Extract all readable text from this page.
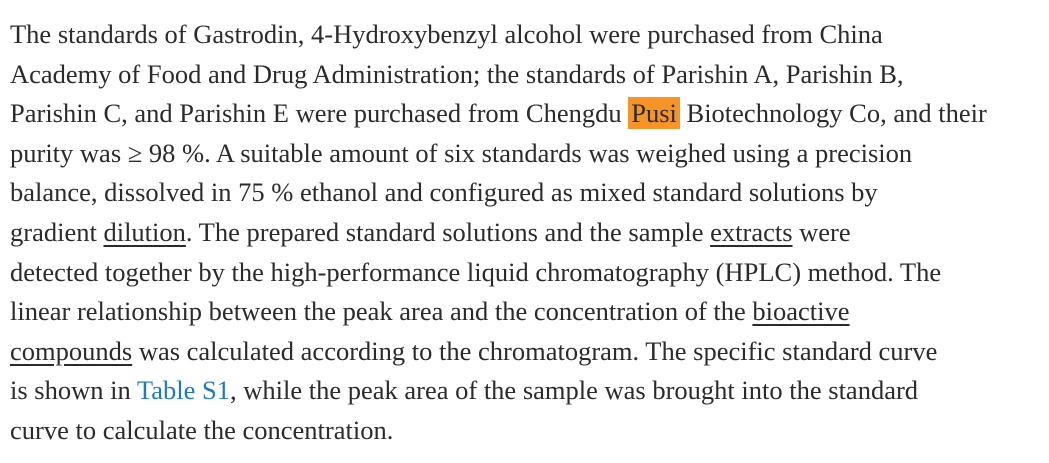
The standards of Gastrodin, 4-Hydroxybenzyl alcohol were purchased from China
Academy of Food and Drug Administration; the standards of Parishin A, Parishin B,
Parishin C, and Parishin E were purchased from Chengdu Pusi Biotechnology Co, and their
purity was ≥ 98 %. A suitable amount of six standards was weighed using a precision
balance, dissolved in 75 % ethanol and configured as mixed standard solutions by
gradient dilution. The prepared standard solutions and the sample extracts were
detected together by the high-performance liquid chromatography (HPLC) method. The
linear relationship between the peak area and the concentration of the bioactive
compounds was calculated according to the chromatogram. The specific standard curve
is shown in Table S1, while the peak area of the sample was brought into the standard
curve to calculate the concentration.
